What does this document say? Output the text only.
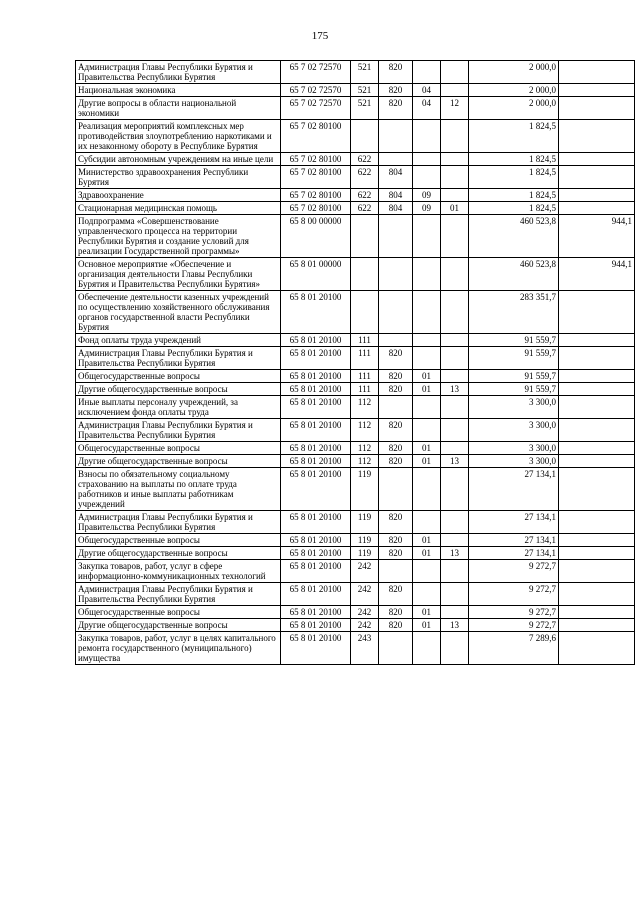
175
Администрация Главы Республики Бурятия и Правительства Республики Бурятия	65 7 02 72570	521	820			2 000,0	
Национальная экономика	65 7 02 72570	521	820	04		2 000,0	
Другие вопросы в области национальной экономики	65 7 02 72570	521	820	04	12	2 000,0	
Реализация мероприятий комплексных мер противодействия злоупотреблению наркотиками и их незаконному обороту в Республике Бурятия	65 7 02 80100					1 824,5	
Субсидии автономным учреждениям на иные цели	65 7 02 80100	622				1 824,5	
Министерство здравоохранения Республики Бурятия	65 7 02 80100	622	804			1 824,5	
Здравоохранение	65 7 02 80100	622	804	09		1 824,5	
Стационарная медицинская помощь	65 7 02 80100	622	804	09	01	1 824,5	
Подпрограмма «Совершенствование управленческого процесса на территории Республики Бурятия и создание условий для реализации Государственной программы»	65 8 00 00000					460 523,8	944,1
Основное мероприятие «Обеспечение и организация деятельности Главы Республики Бурятия и Правительства Республики Бурятия»	65 8 01 00000					460 523,8	944,1
Обеспечение деятельности казенных учреждений по осуществлению хозяйственного обслуживания органов государственной власти Республики Бурятия	65 8 01 20100					283 351,7	
Фонд оплаты труда учреждений	65 8 01 20100	111				91 559,7	
Администрация Главы Республики Бурятия и Правительства Республики Бурятия	65 8 01 20100	111	820			91 559,7	
Общегосударственные вопросы	65 8 01 20100	111	820	01		91 559,7	
Другие общегосударственные вопросы	65 8 01 20100	111	820	01	13	91 559,7	
Иные выплаты персоналу учреждений, за исключением фонда оплаты труда	65 8 01 20100	112				3 300,0	
Администрация Главы Республики Бурятия и Правительства Республики Бурятия	65 8 01 20100	112	820			3 300,0	
Общегосударственные вопросы	65 8 01 20100	112	820	01		3 300,0	
Другие общегосударственные вопросы	65 8 01 20100	112	820	01	13	3 300,0	
Взносы по обязательному социальному страхованию на выплаты по оплате труда работников и иные выплаты работникам учреждений	65 8 01 20100	119				27 134,1	
Администрация Главы Республики Бурятия и Правительства Республики Бурятия	65 8 01 20100	119	820			27 134,1	
Общегосударственные вопросы	65 8 01 20100	119	820	01		27 134,1	
Другие общегосударственные вопросы	65 8 01 20100	119	820	01	13	27 134,1	
Закупка товаров, работ, услуг в сфере информационно-коммуникационных технологий	65 8 01 20100	242				9 272,7	
Администрация Главы Республики Бурятия и Правительства Республики Бурятия	65 8 01 20100	242	820			9 272,7	
Общегосударственные вопросы	65 8 01 20100	242	820	01		9 272,7	
Другие общегосударственные вопросы	65 8 01 20100	242	820	01	13	9 272,7	
Закупка товаров, работ, услуг в целях капитального ремонта государственного (муниципального) имущества	65 8 01 20100	243				7 289,6	
